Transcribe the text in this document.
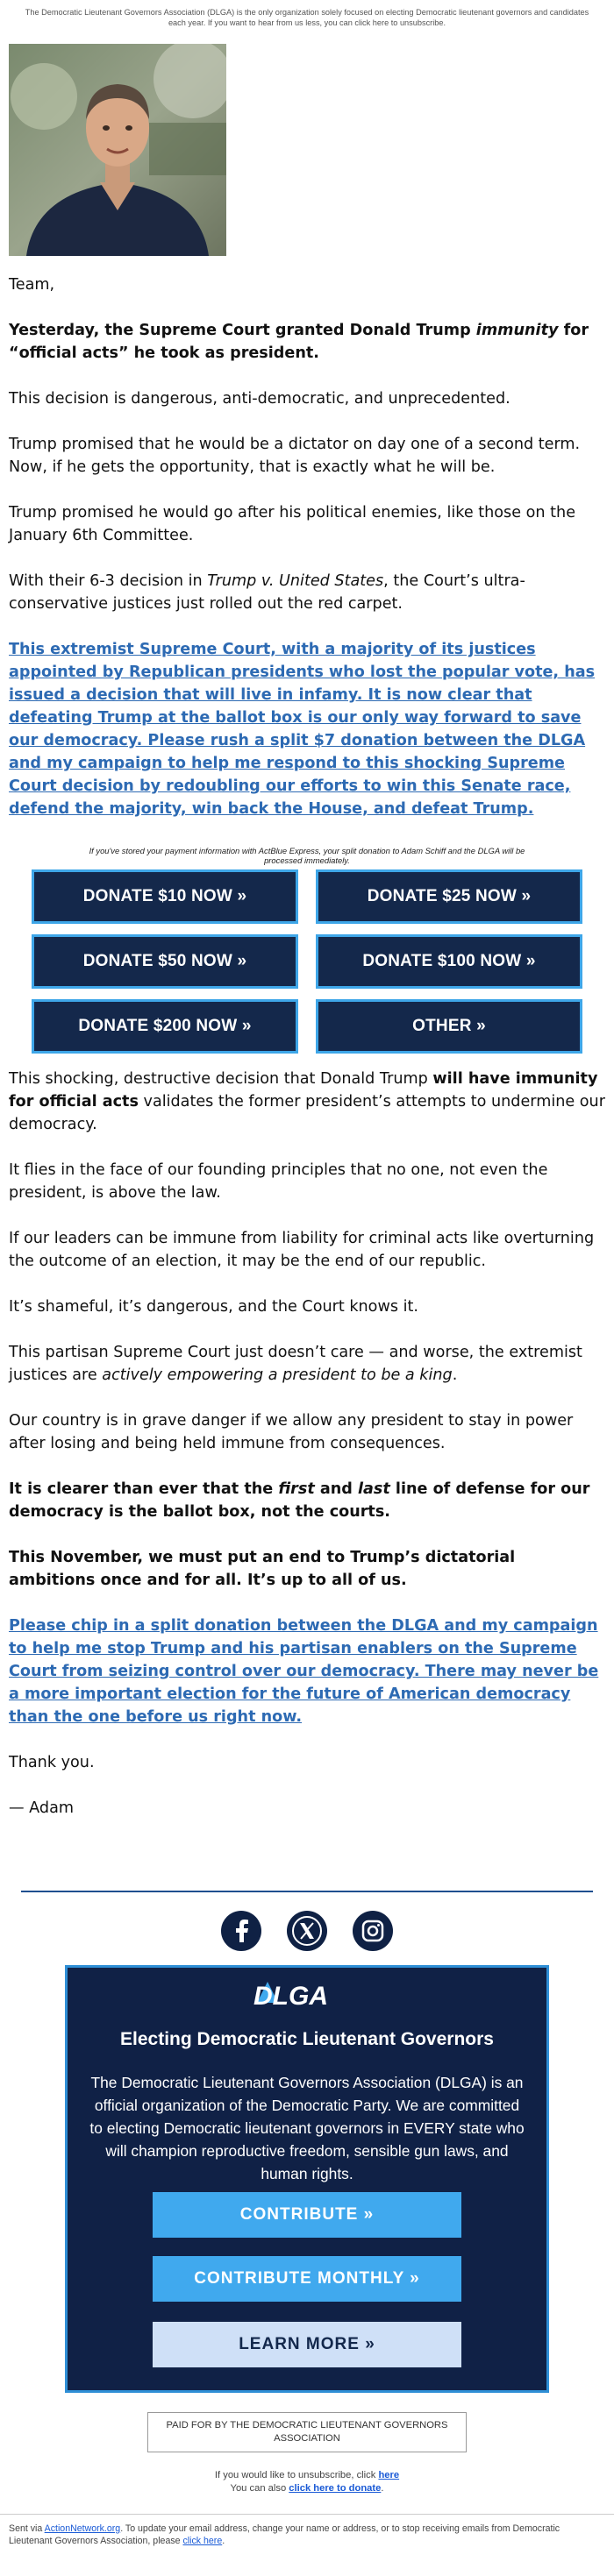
The Democratic Lieutenant Governors Association (DLGA) is the only organization solely focused on electing Democratic lieutenant governors and candidates each year. If you want to hear from us less, you can click here to unsubscribe.

Team,

Yesterday, the Supreme Court granted Donald Trump immunity for “official acts” he took as president.

This decision is dangerous, anti-democratic, and unprecedented.

Trump promised that he would be a dictator on day one of a second term. Now, if he gets the opportunity, that is exactly what he will be.

Trump promised he would go after his political enemies, like those on the January 6th Committee.

With their 6-3 decision in Trump v. United States, the Court’s ultra-conservative justices just rolled out the red carpet.

This extremist Supreme Court, with a majority of its justices appointed by Republican presidents who lost the popular vote, has issued a decision that will live in infamy. It is now clear that defeating Trump at the ballot box is our only way forward to save our democracy. Please rush a split $7 donation between the DLGA and my campaign to help me respond to this shocking Supreme Court decision by redoubling our efforts to win this Senate race, defend the majority, win back the House, and defeat Trump.

If you've stored your payment information with ActBlue Express, your split donation to Adam Schiff and the DLGA will be processed immediately.
DONATE $10 NOW »	DONATE $25 NOW »
DONATE $50 NOW »	DONATE $100 NOW »
DONATE $200 NOW »	OTHER »

This shocking, destructive decision that Donald Trump will have immunity for official acts validates the former president’s attempts to undermine our democracy.

It flies in the face of our founding principles that no one, not even the president, is above the law.

If our leaders can be immune from liability for criminal acts like overturning the outcome of an election, it may be the end of our republic.

It’s shameful, it’s dangerous, and the Court knows it.

This partisan Supreme Court just doesn’t care — and worse, the extremist justices are actively empowering a president to be a king.

Our country is in grave danger if we allow any president to stay in power after losing and being held immune from consequences.

It is clearer than ever that the first and last line of defense for our democracy is the ballot box, not the courts.

This November, we must put an end to Trump’s dictatorial ambitions once and for all. It’s up to all of us.

Please chip in a split donation between the DLGA and my campaign to help me stop Trump and his partisan enablers on the Supreme Court from seizing control over our democracy. There may never be a more important election for the future of American democracy than the one before us right now.

Thank you.

— Adam

DLGA
Electing Democratic Lieutenant Governors
The Democratic Lieutenant Governors Association (DLGA) is an official organization of the Democratic Party. We are committed to electing Democratic lieutenant governors in EVERY state who will champion reproductive freedom, sensible gun laws, and human rights.
CONTRIBUTE »
CONTRIBUTE MONTHLY »
LEARN MORE »
PAID FOR BY THE DEMOCRATIC LIEUTENANT GOVERNORS ASSOCIATION
If you would like to unsubscribe, click here
You can also click here to donate.
Sent via ActionNetwork.org. To update your email address, change your name or address, or to stop receiving emails from Democratic Lieutenant Governors Association, please click here.
